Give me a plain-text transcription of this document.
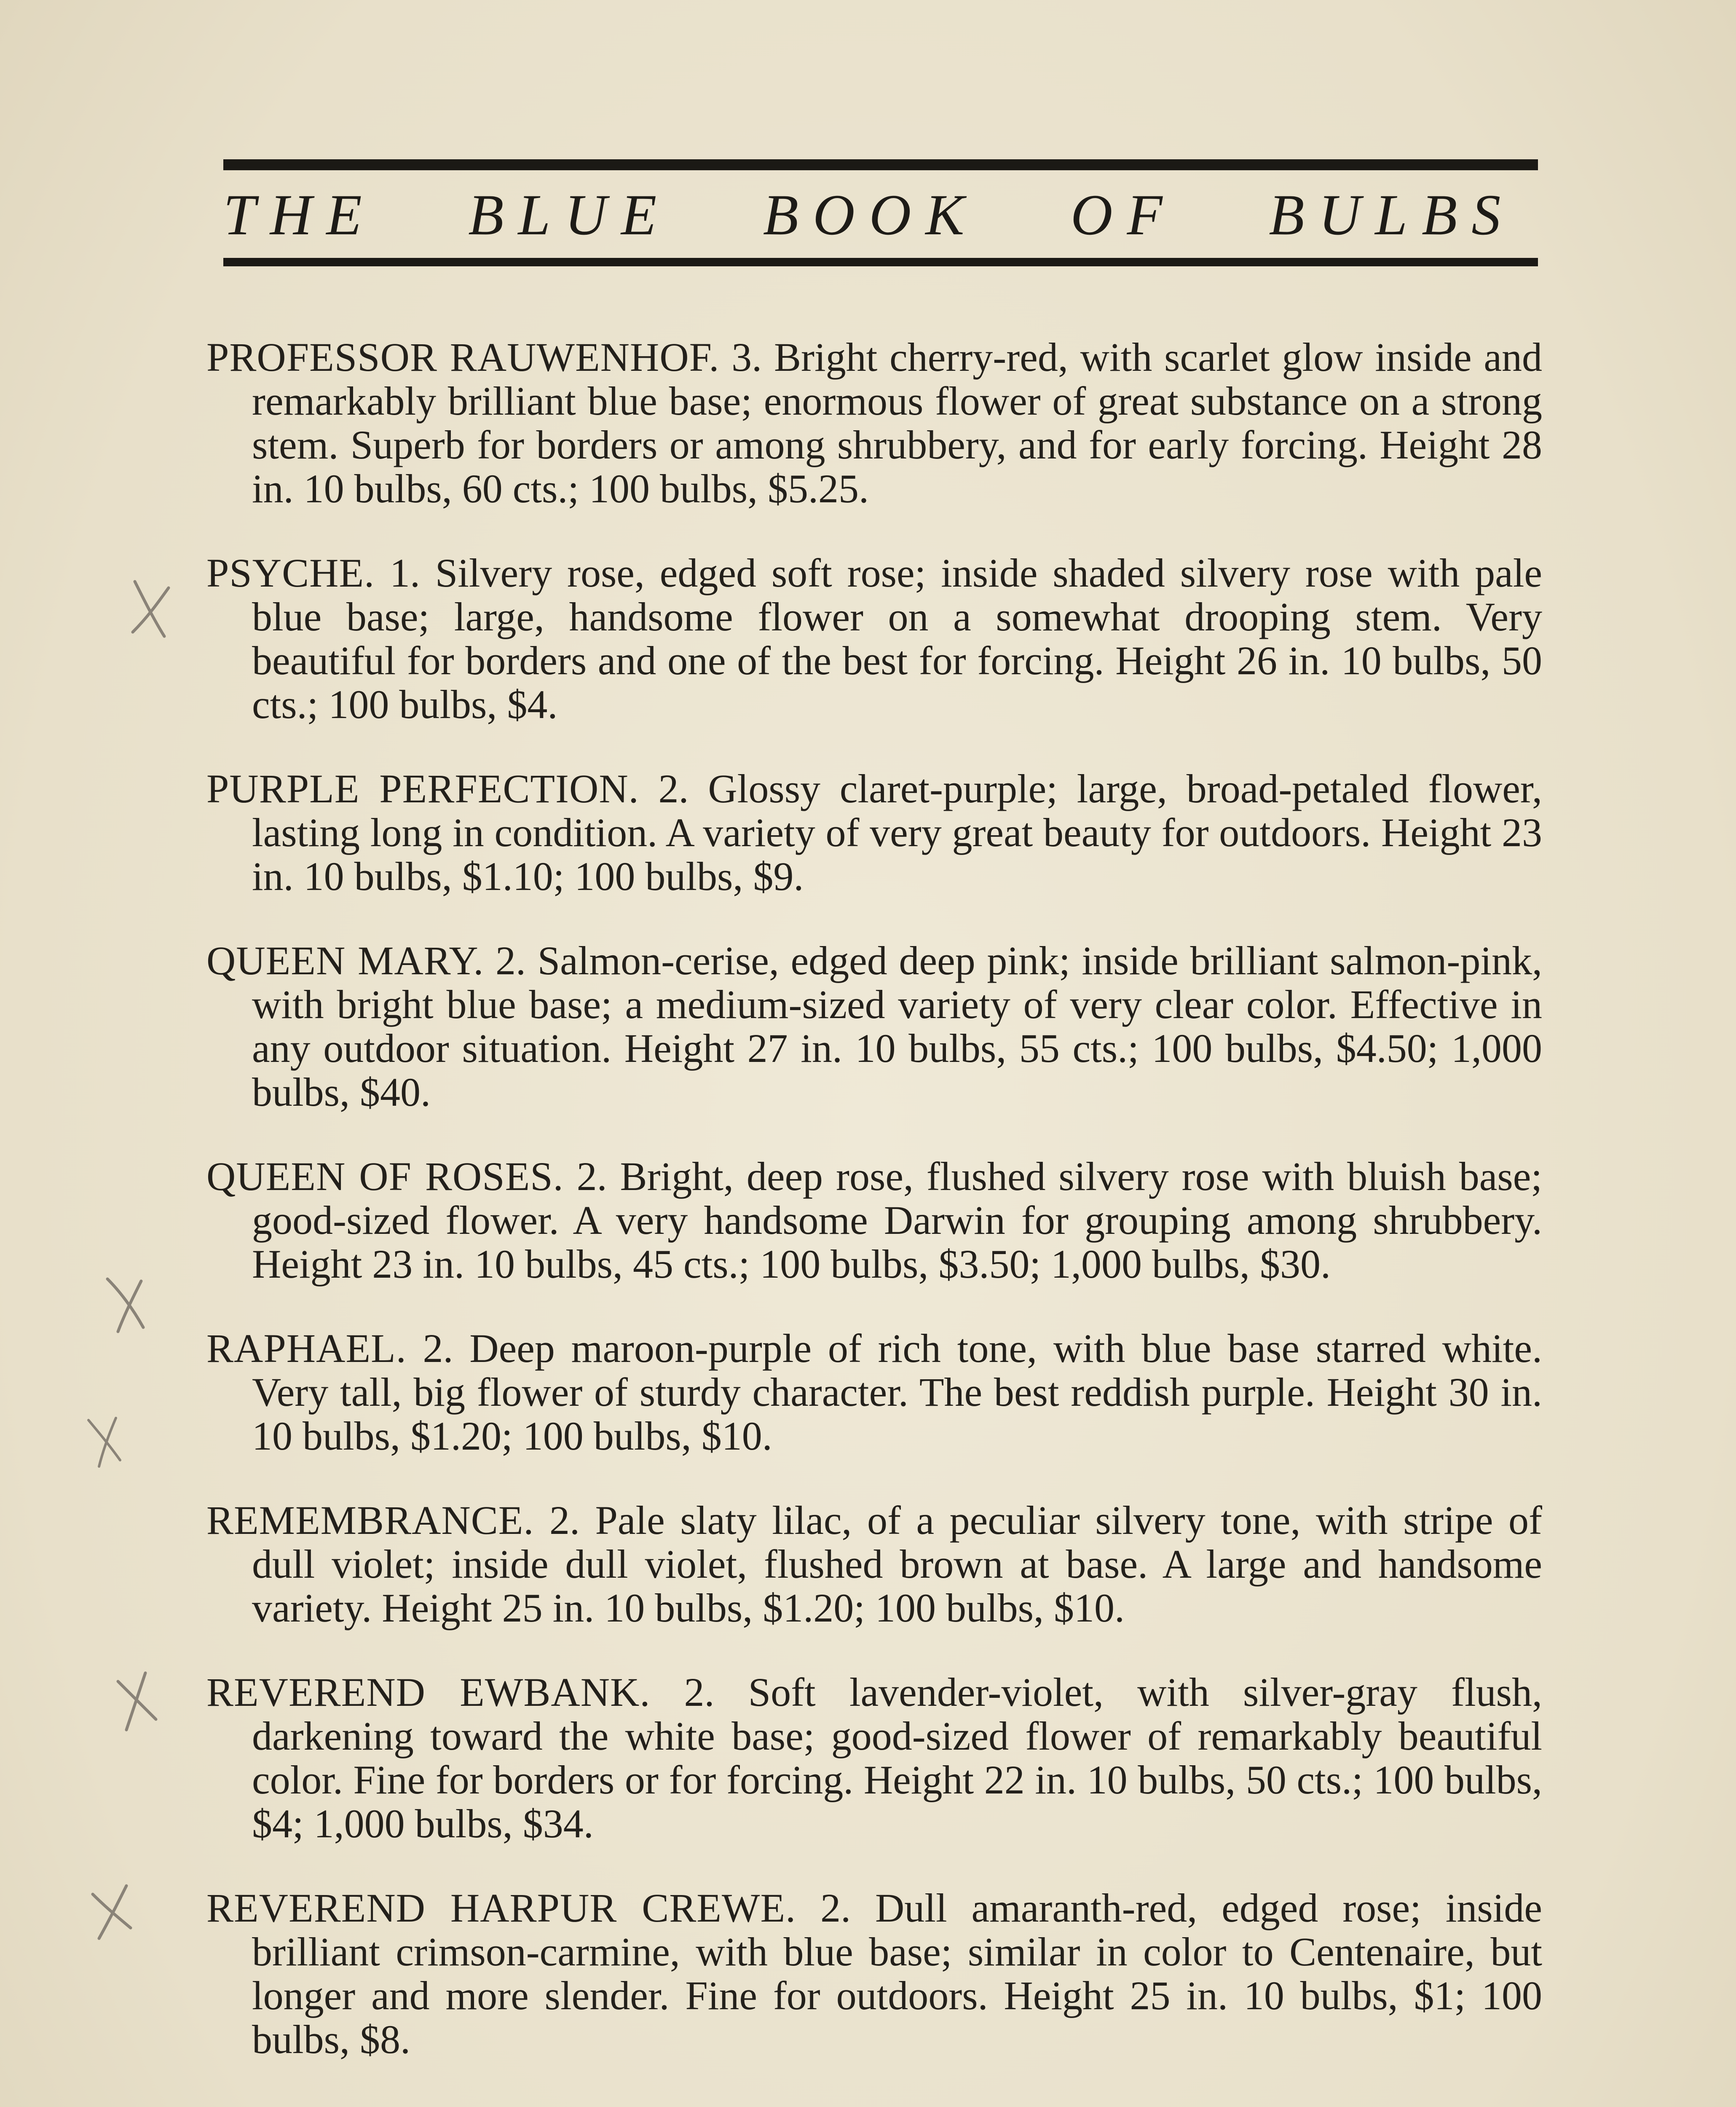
THE BLUE BOOK OF BULBS

PROFESSOR RAUWENHOF. 3. Bright cherry-red, with scarlet glow inside and remarkably brilliant blue base; enormous flower of great substance on a strong stem. Superb for borders or among shrubbery, and for early forcing. Height 28 in. 10 bulbs, 60 cts.; 100 bulbs, $5.25.

PSYCHE. 1. Silvery rose, edged soft rose; inside shaded silvery rose with pale blue base; large, handsome flower on a somewhat drooping stem. Very beautiful for borders and one of the best for forcing. Height 26 in. 10 bulbs, 50 cts.; 100 bulbs, $4.

PURPLE PERFECTION. 2. Glossy claret-purple; large, broad-petaled flower, lasting long in condition. A variety of very great beauty for outdoors. Height 23 in. 10 bulbs, $1.10; 100 bulbs, $9.

QUEEN MARY. 2. Salmon-cerise, edged deep pink; inside brilliant salmon-pink, with bright blue base; a medium-sized variety of very clear color. Effective in any outdoor situation. Height 27 in. 10 bulbs, 55 cts.; 100 bulbs, $4.50; 1,000 bulbs, $40.

QUEEN OF ROSES. 2. Bright, deep rose, flushed silvery rose with bluish base; good-sized flower. A very handsome Darwin for grouping among shrubbery. Height 23 in. 10 bulbs, 45 cts.; 100 bulbs, $3.50; 1,000 bulbs, $30.

RAPHAEL. 2. Deep maroon-purple of rich tone, with blue base starred white. Very tall, big flower of sturdy character. The best reddish purple. Height 30 in. 10 bulbs, $1.20; 100 bulbs, $10.

REMEMBRANCE. 2. Pale slaty lilac, of a peculiar silvery tone, with stripe of dull violet; inside dull violet, flushed brown at base. A large and handsome variety. Height 25 in. 10 bulbs, $1.20; 100 bulbs, $10.

REVEREND EWBANK. 2. Soft lavender-violet, with silver-gray flush, darkening toward the white base; good-sized flower of remarkably beautiful color. Fine for borders or for forcing. Height 22 in. 10 bulbs, 50 cts.; 100 bulbs, $4; 1,000 bulbs, $34.

REVEREND HARPUR CREWE. 2. Dull amaranth-red, edged rose; inside brilliant crimson-carmine, with blue base; similar in color to Centenaire, but longer and more slender. Fine for outdoors. Height 25 in. 10 bulbs, $1; 100 bulbs, $8.
